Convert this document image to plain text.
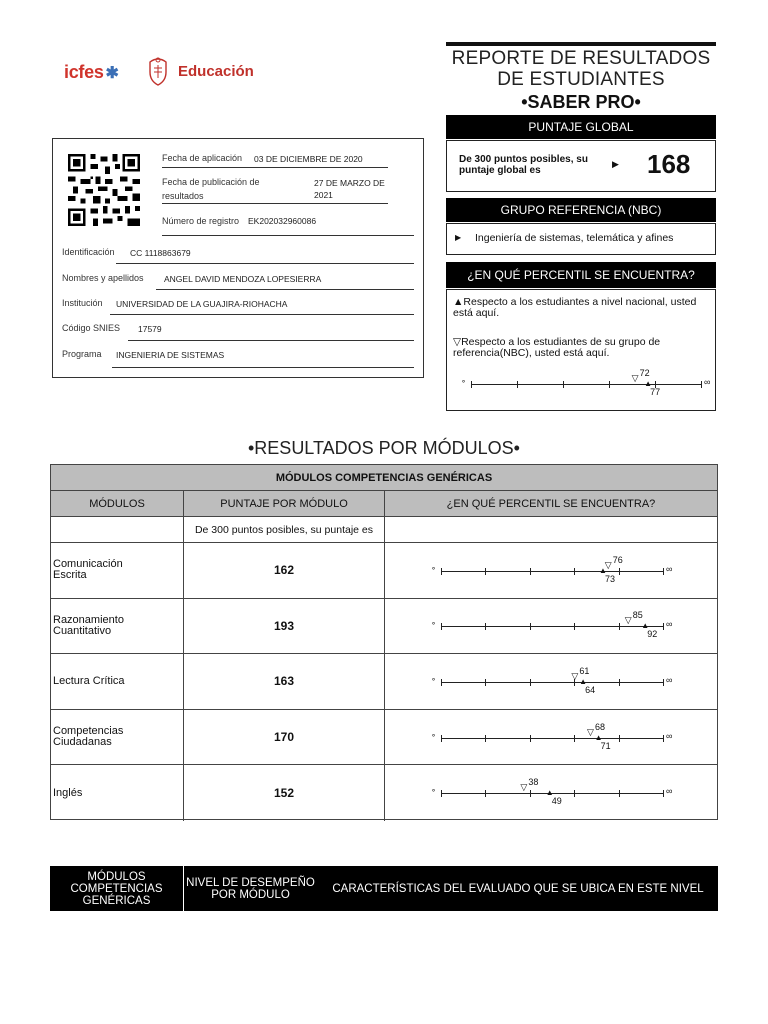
icfes ✱	Educación
REPORTE DE RESULTADOS DE ESTUDIANTES
•SABER PRO•
PUNTAJE GLOBAL
De 300 puntos posibles, su puntaje global es
▶ 168
GRUPO REFERENCIA (NBC)
▶ Ingeniería de sistemas, telemática y afines
¿EN QUÉ PERCENTIL SE ENCUENTRA?
▲Respecto a los estudiantes a nivel nacional, usted está aquí.
▽Respecto a los estudiantes de su grupo de referencia(NBC), usted está aquí.
∘	∞
▽ 72
▲
77
Fecha de aplicación 03 DE DICIEMBRE DE 2020
Fecha de publicación de resultados
27 DE MARZO DE 2021
Número de registro EK202032960086
Identificación CC 1118863679
Nombres y apellidos ANGEL DAVID MENDOZA LOPESIERRA
Institución UNIVERSIDAD DE LA GUAJIRA-RIOHACHA
Código SNIES 17579
Programa INGENIERIA DE SISTEMAS
•RESULTADOS POR MÓDULOS•
MÓDULOS COMPETENCIAS GENÉRICAS
MÓDULOS	PUNTAJE POR MÓDULO	¿EN QUÉ PERCENTIL SE ENCUENTRA?
De 300 puntos posibles, su puntaje es
Comunicación Escrita	162	∘	∞
▽ 76
▲
73
Razonamiento Cuantitativo	193	∘	∞
▽ 85
▲
92
Lectura Crítica	163	∘	∞
▽ 61
▲
64
Competencias Ciudadanas	170	∘	∞
▽ 68
▲
71
Inglés	152	∘	∞
▽ 38
▲
49
MÓDULOS COMPETENCIAS GENÉRICAS
NIVEL DE DESEMPEÑO POR MÓDULO	CARACTERÍSTICAS DEL EVALUADO QUE SE UBICA EN ESTE NIVEL
